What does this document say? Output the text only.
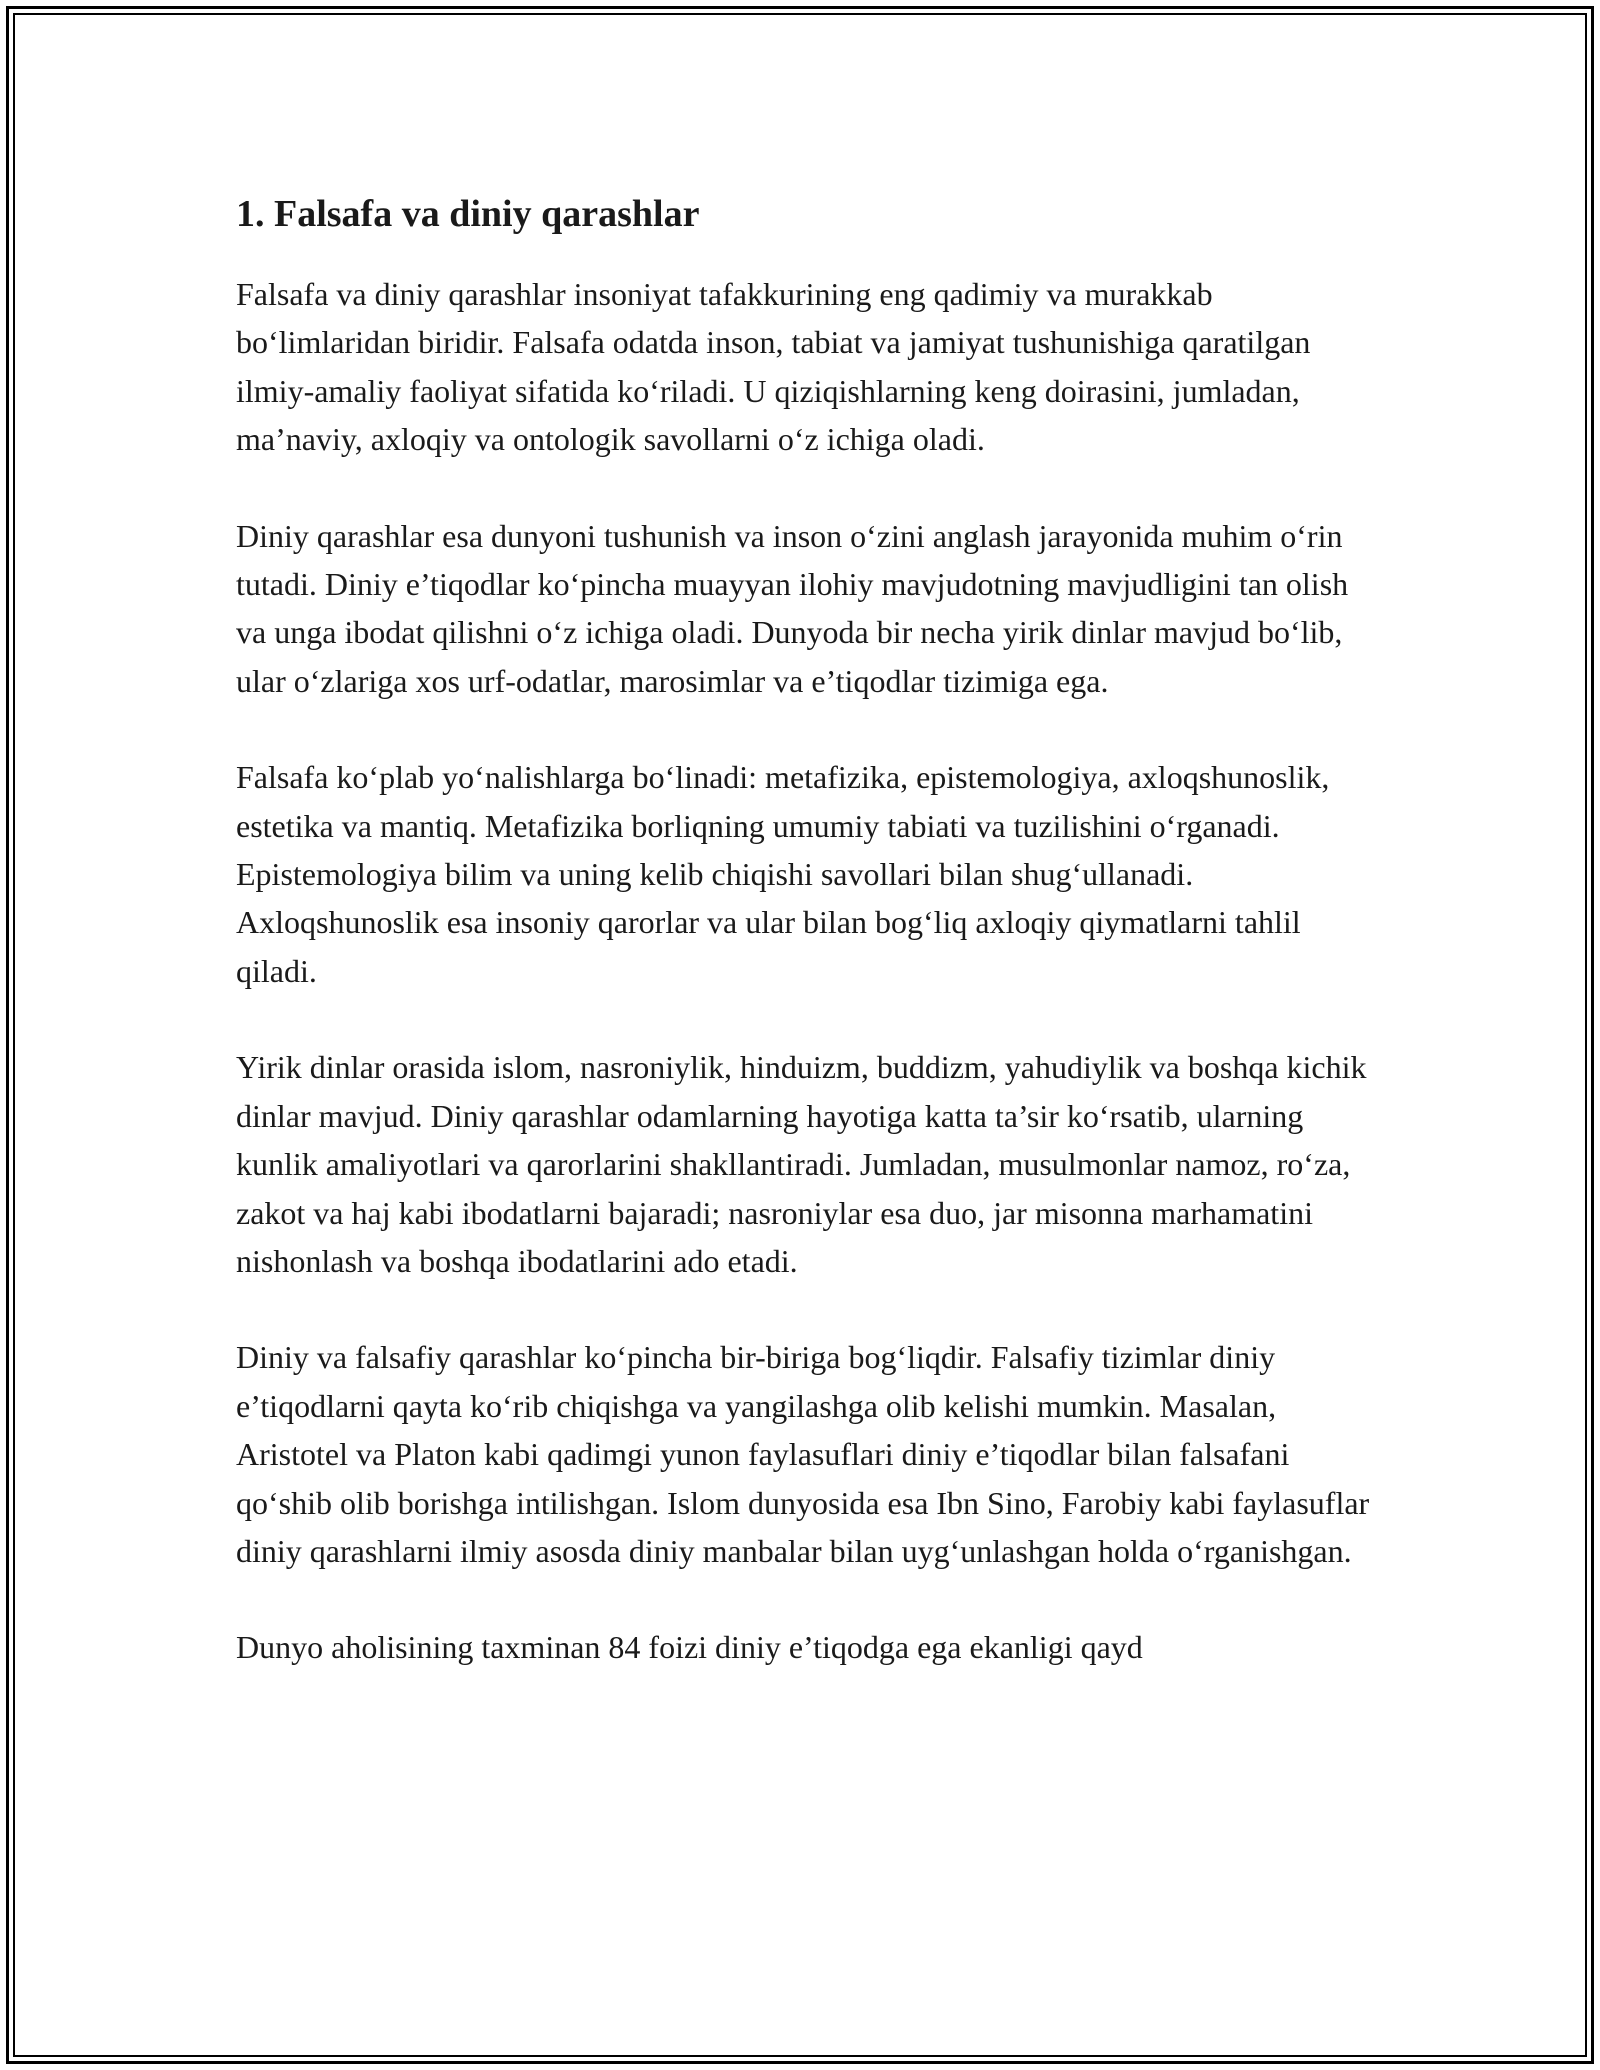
1. Falsafa va diniy qarashlar

Falsafa va diniy qarashlar insoniyat tafakkurining eng qadimiy va murakkab bo‘limlaridan biridir. Falsafa odatda inson, tabiat va jamiyat tushunishiga qaratilgan ilmiy-amaliy faoliyat sifatida ko‘riladi. U qiziqishlarning keng doirasini, jumladan, ma’naviy, axloqiy va ontologik savollarni o‘z ichiga oladi.

Diniy qarashlar esa dunyoni tushunish va inson o‘zini anglash jarayonida muhim o‘rin tutadi. Diniy e’tiqodlar ko‘pincha muayyan ilohiy mavjudotning mavjudligini tan olish va unga ibodat qilishni o‘z ichiga oladi. Dunyoda bir necha yirik dinlar mavjud bo‘lib, ular o‘zlariga xos urf-odatlar, marosimlar va e’tiqodlar tizimiga ega.

Falsafa ko‘plab yo‘nalishlarga bo‘linadi: metafizika, epistemologiya, axloqshunoslik, estetika va mantiq. Metafizika borliqning umumiy tabiati va tuzilishini o‘rganadi. Epistemologiya bilim va uning kelib chiqishi savollari bilan shug‘ullanadi. Axloqshunoslik esa insoniy qarorlar va ular bilan bog‘liq axloqiy qiymatlarni tahlil qiladi.

Yirik dinlar orasida islom, nasroniylik, hinduizm, buddizm, yahudiylik va boshqa kichik dinlar mavjud. Diniy qarashlar odamlarning hayotiga katta ta’sir ko‘rsatib, ularning kunlik amaliyotlari va qarorlarini shakllantiradi. Jumladan, musulmonlar namoz, ro‘za, zakot va haj kabi ibodatlarni bajaradi; nasroniylar esa duo, jar misonna marhamatini nishonlash va boshqa ibodatlarini ado etadi.

Diniy va falsafiy qarashlar ko‘pincha bir-biriga bog‘liqdir. Falsafiy tizimlar diniy e’tiqodlarni qayta ko‘rib chiqishga va yangilashga olib kelishi mumkin. Masalan, Aristotel va Platon kabi qadimgi yunon faylasuflari diniy e’tiqodlar bilan falsafani qo‘shib olib borishga intilishgan. Islom dunyosida esa Ibn Sino, Farobiy kabi faylasuflar diniy qarashlarni ilmiy asosda diniy manbalar bilan uyg‘unlashgan holda o‘rganishgan.

Dunyo aholisining taxminan 84 foizi diniy e’tiqodga ega ekanligi qayd
